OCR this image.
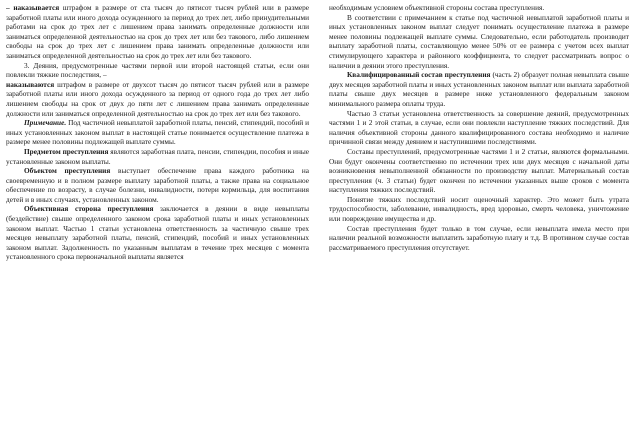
– наказывается штрафом в размере от ста тысяч до пятисот тысяч рублей или в размере заработной платы или иного дохода осужденного за период до трех лет, либо принудительными работами на срок до трех лет с лишением права занимать определенные должности или заниматься определенной деятельностью на срок до трех лет или без такового, либо лишением свободы на срок до трех лет с лишением права занимать определенные должности или заниматься определенной деятельностью на срок до трех лет или без такового.

3. Деяния, предусмотренные частями первой или второй настоящей статьи, если они повлекли тяжкие последствия, –

наказываются штрафом в размере от двухсот тысяч до пятисот тысяч рублей или в размере заработной платы или иного дохода осужденного за период от одного года до трех лет либо лишением свободы на срок от двух до пяти лет с лишением права занимать определенные должности или заниматься определенной деятельностью на срок до трех лет или без такового.

Примечание. Под частичной невыплатой заработной платы, пенсий, стипендий, пособий и иных установленных законом выплат в настоящей статье понимается осуществление платежа в размере менее половины подлежащей выплате суммы.

Предметом преступления являются заработная плата, пенсии, стипендии, пособия и иные установленные законом выплаты.

Объектом преступления выступает обеспечение права каждого работника на своевременную и в полном размере выплату заработной платы, а также права на социальное обеспечение по возрасту, в случае болезни, инвалидности, потери кормильца, для воспитания детей и в иных случаях, установленных законом.

Объективная сторона преступления заключается в деянии в виде невыплаты (бездействие) свыше определенного законом срока заработной платы и иных установленных законом выплат. Частью 1 статьи установлена ответственность за частичную свыше трех месяцев невыплату заработной платы, пенсий, стипендий, пособий и иных установленных законом выплат. Задолженность по указанным выплатам в течение трех месяцев с момента установленного срока первоначальной выплаты является

необходимым условием объективной стороны состава преступления.

В соответствии с примечанием к статье под частичной невыплатой заработной платы и иных установленных законом выплат следует понимать осуществление платежа в размере менее половины подлежащей выплате суммы. Следовательно, если работодатель производит выплату заработной платы, составляющую менее 50% от ее размера с учетом всех выплат стимулирующего характера и районного коэффициента, то следует рассматривать вопрос о наличии в деянии этого преступления.

Квалифицированный состав преступления (часть 2) образует полная невыплата свыше двух месяцев заработной платы и иных установленных законом выплат или выплата заработной платы свыше двух месяцев в размере ниже установленного федеральным законом минимального размера оплаты труда.

Частью 3 статьи установлена ответственность за совершение деяний, предусмотренных частями 1 и 2 этой статьи, в случае, если они повлекли наступление тяжких последствий. Для наличия объективной стороны данного квалифицированного состава необходимо и наличие причинной связи между деянием и наступившими последствиями.

Составы преступлений, предусмотренные частями 1 и 2 статьи, являются формальными. Они будут окончены соответственно по истечении трех или двух месяцев с начальной даты возникновения невыполненной обязанности по производству выплат. Материальный состав преступления (ч. 3 статьи) будет окончен по истечении указанных выше сроков с момента наступления тяжких последствий.

Понятие тяжких последствий носит оценочный характер. Это может быть утрата трудоспособности, заболевание, инвалидность, вред здоровью, смерть человека, уничтожение или повреждение имущества и др.

Состав преступления будет только в том случае, если невыплата имела место при наличии реальной возможности выплатить заработную плату и т.д. В противном случае состав рассматриваемого преступления отсутствует.
